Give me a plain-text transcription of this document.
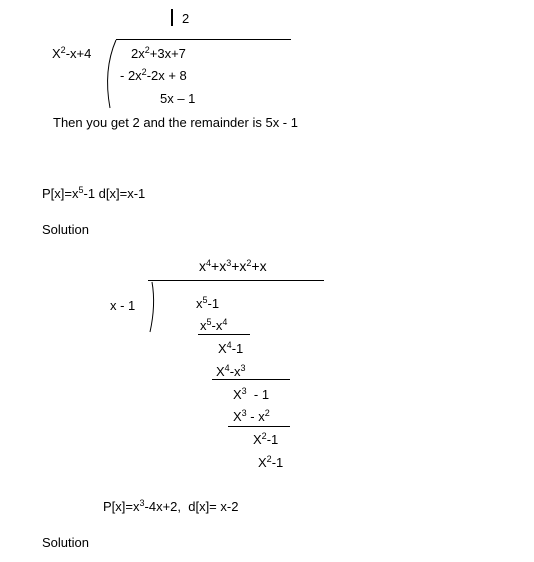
2
$X^2-x+4$	$2x^2+3x+7$
- $2x^2-2x + 8$
5x – 1
Then you get 2 and the remainder is 5x - 1
$P[x]=x^5-1$ d[x]=x-1
Solution
$x^4+x^3+x^2+x$
x - 1	$x^5-1$
$x^5-x^4$
$X^4-1$
$X^4-x^3$
$X^3 - 1$
$X^3 - x^2$
$X^2-1$
$X^2-1$
$P[x]=x^3-4x+2$,  d[x]= x-2
Solution
